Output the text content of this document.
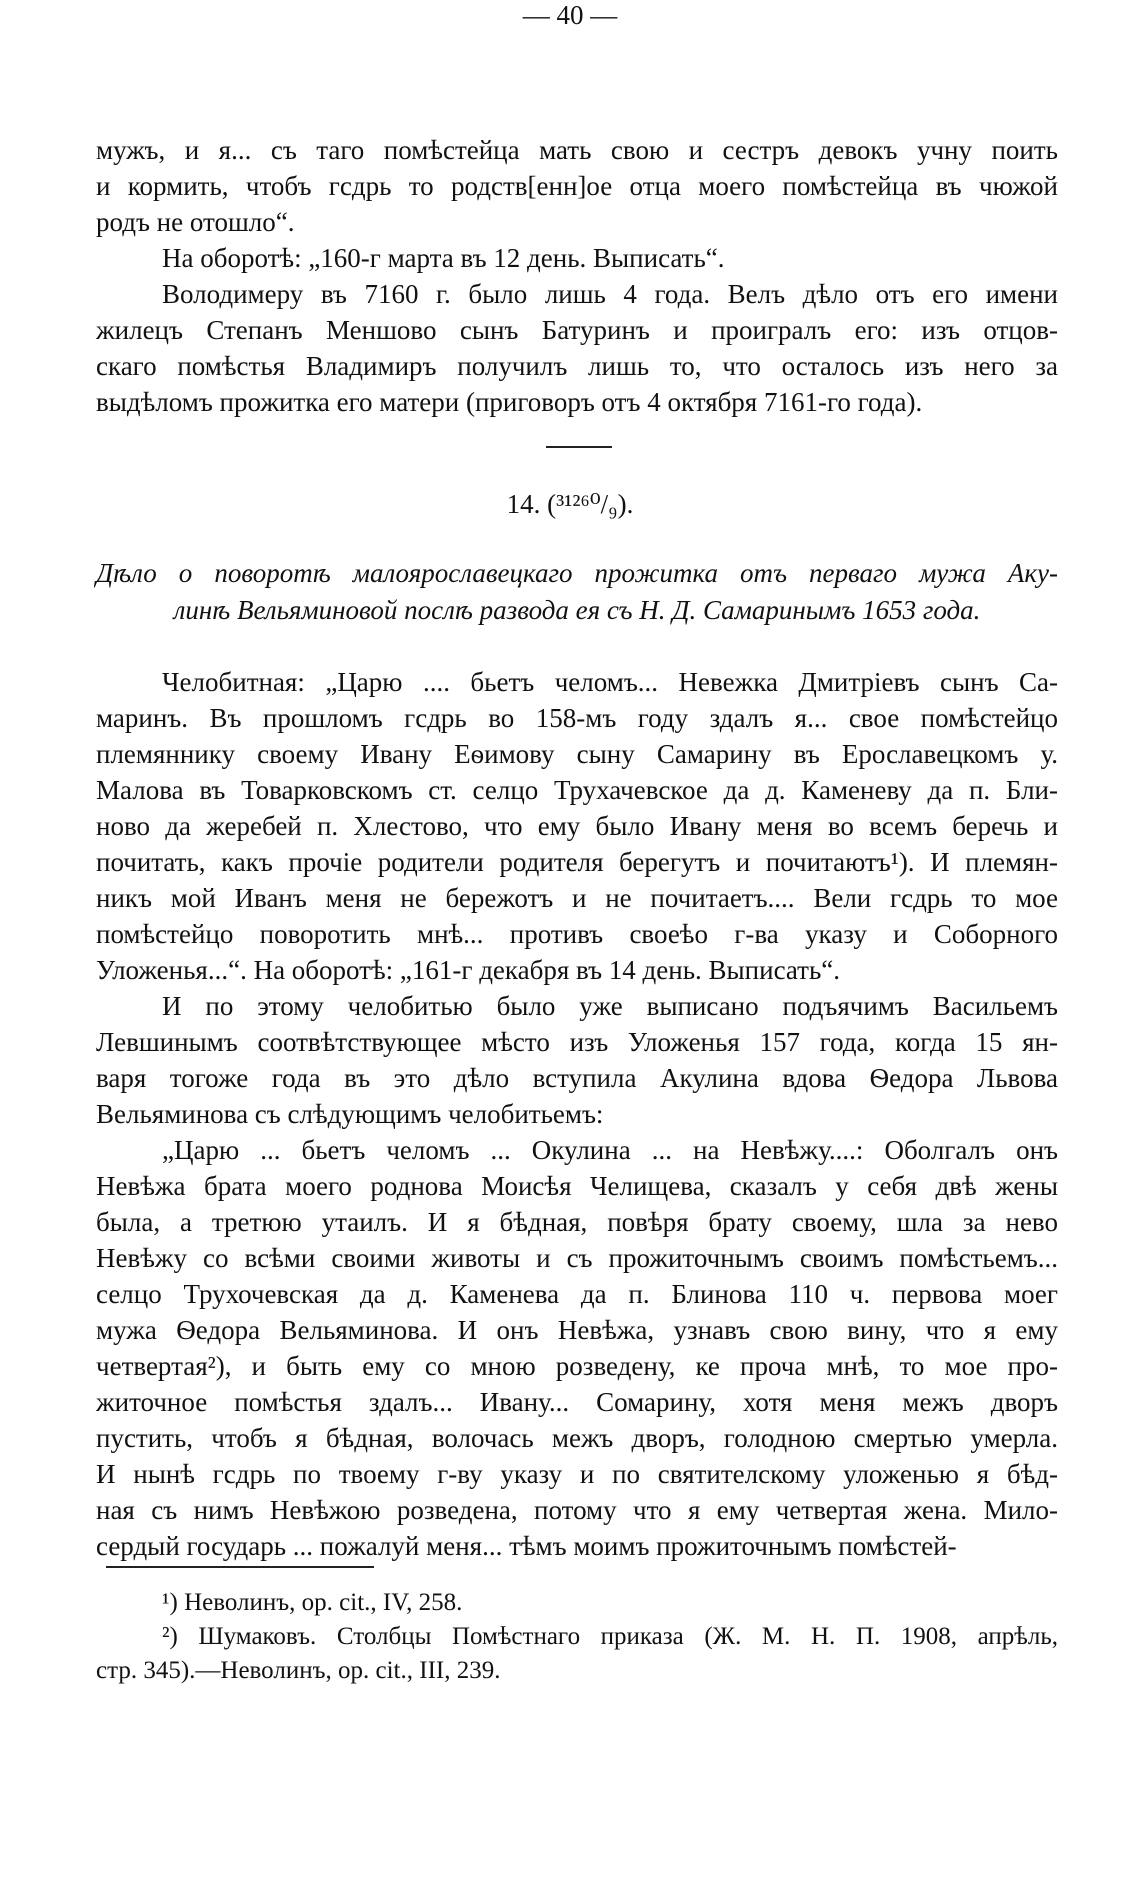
— 40 —
мужъ, и я... съ таго помѣстейца мать свою и сестръ девокъ учну поить
и кормить, чтобъ гсдрь то родств[енн]ое отца моего помѣстейца въ чюжой
родъ не отошло“.
На оборотѣ: „160-г марта въ 12 день. Выписать“.
Володимеру въ 7160 г. было лишь 4 года. Велъ дѣло отъ его имени
жилецъ Степанъ Меншово сынъ Батуринъ и проигралъ его: изъ отцов-
скаго помѣстья Владимиръ получилъ лишь то, что осталось изъ него за
выдѣломъ прожитка его матери (приговоръ отъ 4 октября 7161-го года).
14. (³¹²⁶⁰/₉).
Дѣло о поворотѣ малоярославецкаго прожитка отъ перваго мужа Аку-
линѣ Вельяминовой послѣ развода ея съ Н. Д. Самаринымъ 1653 года.
Челобитная: „Царю .... бьетъ челомъ... Невежка Дмитрieвъ сынъ Са-
маринъ. Въ прошломъ гсдрь во 158-мъ году здалъ я... свое помѣстейцо
племяннику своему Ивану Еѳимову сыну Самарину въ Ерославецкомъ у.
Малова въ Товарковскомъ ст. селцо Трухачевское да д. Каменеву да п. Бли-
ново да жеребей п. Хлестово, что ему было Ивану меня во всемъ беречь и
почитать, какъ прочie родители родителя берегутъ и почитаютъ¹). И племян-
никъ мой Иванъ меня не бережотъ и не почитаетъ.... Вели гсдрь то мое
помѣстейцо поворотить мнѣ... противъ своеѣо г-ва указу и Соборного
Уложенья...“. На оборотѣ: „161-г декабря въ 14 день. Выписать“.
И по этому челобитью было уже выписано подъячимъ Васильемъ
Левшинымъ соотвѣтствующее мѣсто изъ Уложенья 157 года, когда 15 ян-
варя тогоже года въ это дѣло вступила Акулина вдова Ѳедора Львова
Вельяминова съ слѣдующимъ челобитьемъ:
„Царю ... бьетъ челомъ ... Окулина ... на Невѣжу....: Оболгалъ онъ
Невѣжа брата моего роднова Моисѣя Челищева, сказалъ у себя двѣ жены
была, а третюю утаилъ. И я бѣдная, повѣря брату своему, шла за нево
Невѣжу со всѣми своими животы и съ прожиточнымъ своимъ помѣстьемъ...
селцо Трухочевская да д. Каменева да п. Блинова 110 ч. первова моег
мужа Ѳедора Вельяминова. И онъ Невѣжа, узнавъ свою вину, что я ему
четвертая²), и быть ему со мною розведену, ке проча мнѣ, то мое про-
житочное помѣстья здалъ... Ивану... Сомарину, хотя меня межъ дворъ
пустить, чтобъ я бѣдная, волочась межъ дворъ, голодною смертью умерла.
И нынѣ гсдрь по твоему г-ву указу и по святителскому уложенью я бѣд-
ная съ нимъ Невѣжою розведена, потому что я ему четвертая жена. Мило-
сердый государь ... пожалуй меня... тѣмъ моимъ прожиточнымъ помѣстей-
¹) Неволинъ, op. cit., IV, 258.
²) Шумаковъ. Столбцы Помѣстнаго приказа (Ж. М. Н. П. 1908, апрѣль,
стр. 345).—Неволинъ, op. cit., III, 239.
